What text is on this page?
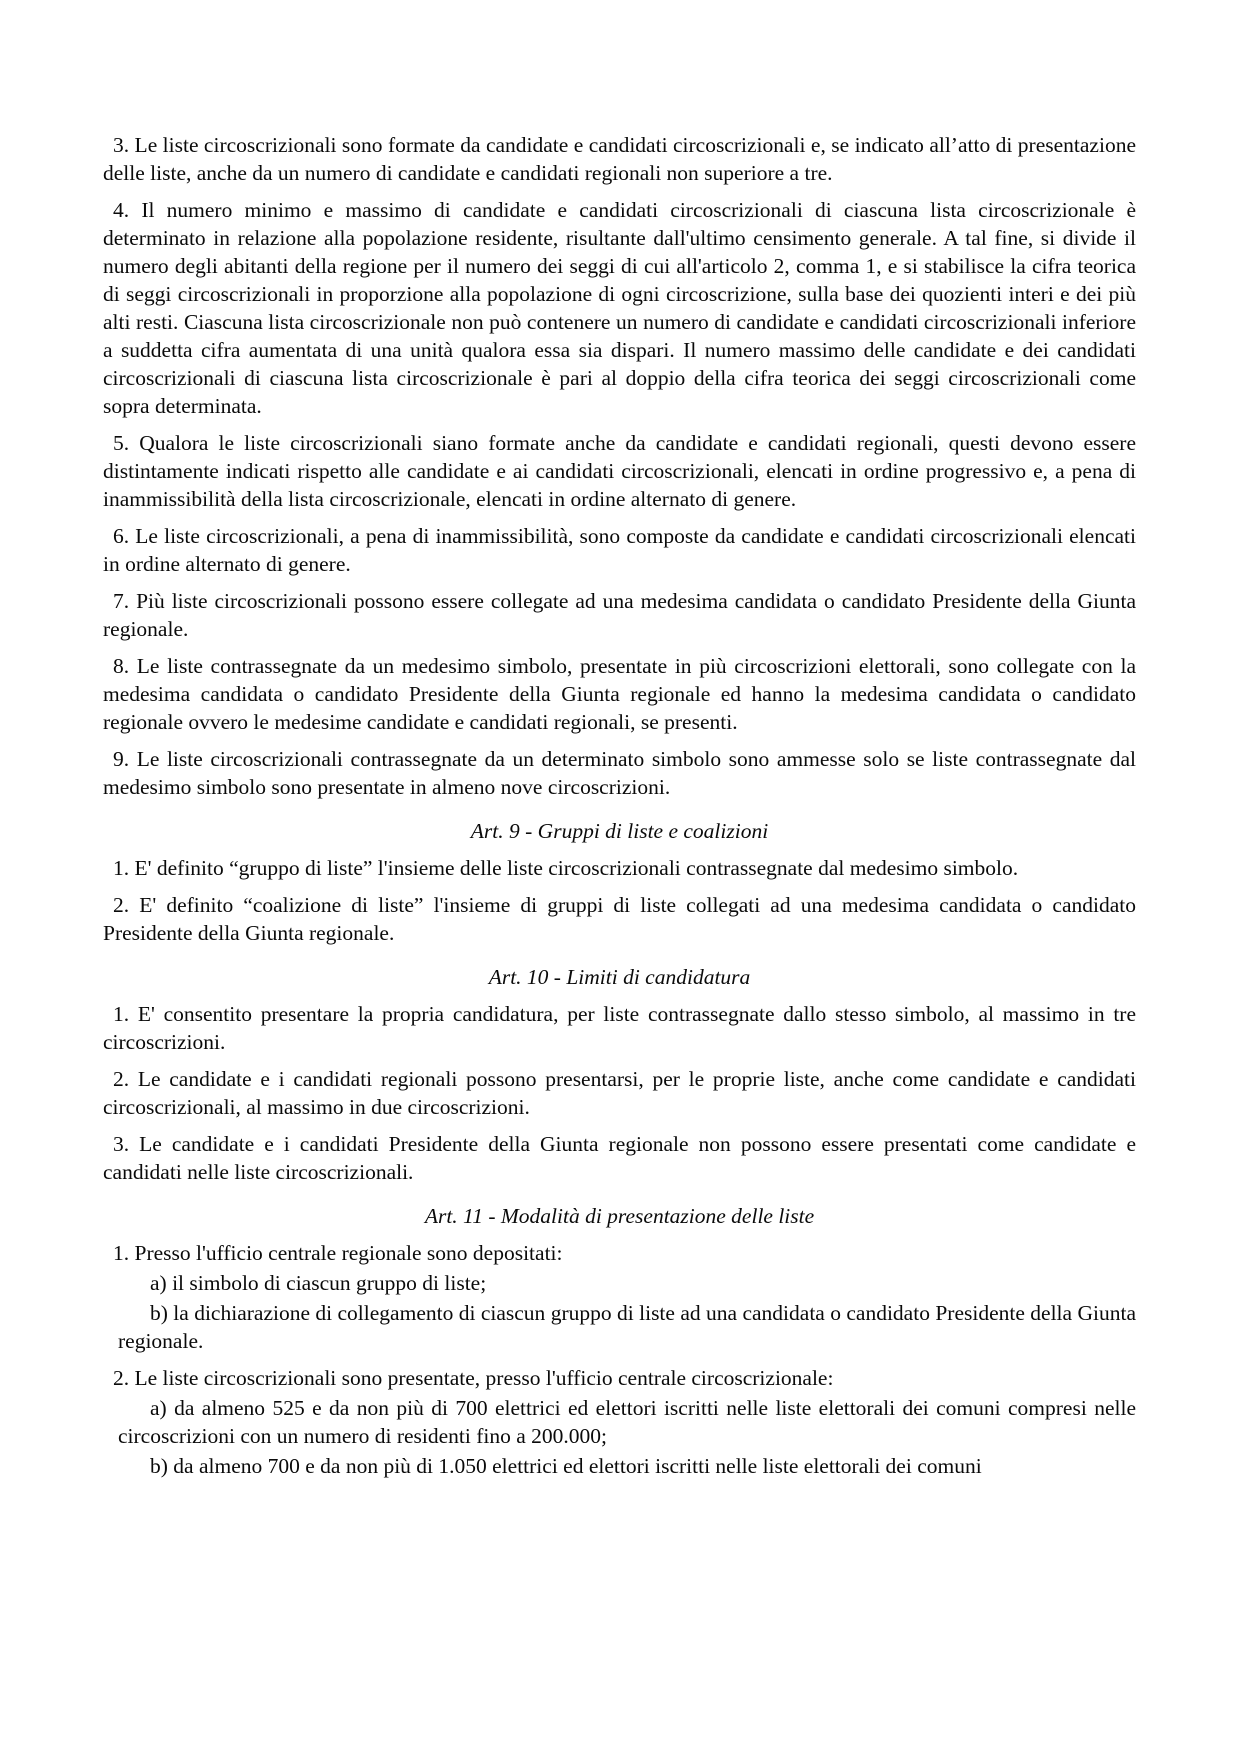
3. Le liste circoscrizionali sono formate da candidate e candidati circoscrizionali e, se indicato all’atto di presentazione delle liste, anche da un numero di candidate e candidati regionali non superiore a tre.

4. Il numero minimo e massimo di candidate e candidati circoscrizionali di ciascuna lista circoscrizionale è determinato in relazione alla popolazione residente, risultante dall'ultimo censimento generale. A tal fine, si divide il numero degli abitanti della regione per il numero dei seggi di cui all'articolo 2, comma 1, e si stabilisce la cifra teorica di seggi circoscrizionali in proporzione alla popolazione di ogni circoscrizione, sulla base dei quozienti interi e dei più alti resti. Ciascuna lista circoscrizionale non può contenere un numero di candidate e candidati circoscrizionali inferiore a suddetta cifra aumentata di una unità qualora essa sia dispari. Il numero massimo delle candidate e dei candidati circoscrizionali di ciascuna lista circoscrizionale è pari al doppio della cifra teorica dei seggi circoscrizionali come sopra determinata.

5. Qualora le liste circoscrizionali siano formate anche da candidate e candidati regionali, questi devono essere distintamente indicati rispetto alle candidate e ai candidati circoscrizionali, elencati in ordine progressivo e, a pena di inammissibilità della lista circoscrizionale, elencati in ordine alternato di genere.

6. Le liste circoscrizionali, a pena di inammissibilità, sono composte da candidate e candidati circoscrizionali elencati in ordine alternato di genere.

7. Più liste circoscrizionali possono essere collegate ad una medesima candidata o candidato Presidente della Giunta regionale.

8. Le liste contrassegnate da un medesimo simbolo, presentate in più circoscrizioni elettorali, sono collegate con la medesima candidata o candidato Presidente della Giunta regionale ed hanno la medesima candidata o candidato regionale ovvero le medesime candidate e candidati regionali, se presenti.

9. Le liste circoscrizionali contrassegnate da un determinato simbolo sono ammesse solo se liste contrassegnate dal medesimo simbolo sono presentate in almeno nove circoscrizioni.

Art. 9 - Gruppi di liste e coalizioni

1. E' definito “gruppo di liste” l'insieme delle liste circoscrizionali contrassegnate dal medesimo simbolo.

2. E' definito “coalizione di liste” l'insieme di gruppi di liste collegati ad una medesima candidata o candidato Presidente della Giunta regionale.

Art. 10 - Limiti di candidatura

1. E' consentito presentare la propria candidatura, per liste contrassegnate dallo stesso simbolo, al massimo in tre circoscrizioni.

2. Le candidate e i candidati regionali possono presentarsi, per le proprie liste, anche come candidate e candidati circoscrizionali, al massimo in due circoscrizioni.

3. Le candidate e i candidati Presidente della Giunta regionale non possono essere presentati come candidate e candidati nelle liste circoscrizionali.

Art. 11 - Modalità di presentazione delle liste

1. Presso l'ufficio centrale regionale sono depositati:

a) il simbolo di ciascun gruppo di liste;

b) la dichiarazione di collegamento di ciascun gruppo di liste ad una candidata o candidato Presidente della Giunta regionale.

2. Le liste circoscrizionali sono presentate, presso l'ufficio centrale circoscrizionale:

a) da almeno 525 e da non più di 700 elettrici ed elettori iscritti nelle liste elettorali dei comuni compresi nelle circoscrizioni con un numero di residenti fino a 200.000;

b) da almeno 700 e da non più di 1.050 elettrici ed elettori iscritti nelle liste elettorali dei comuni
